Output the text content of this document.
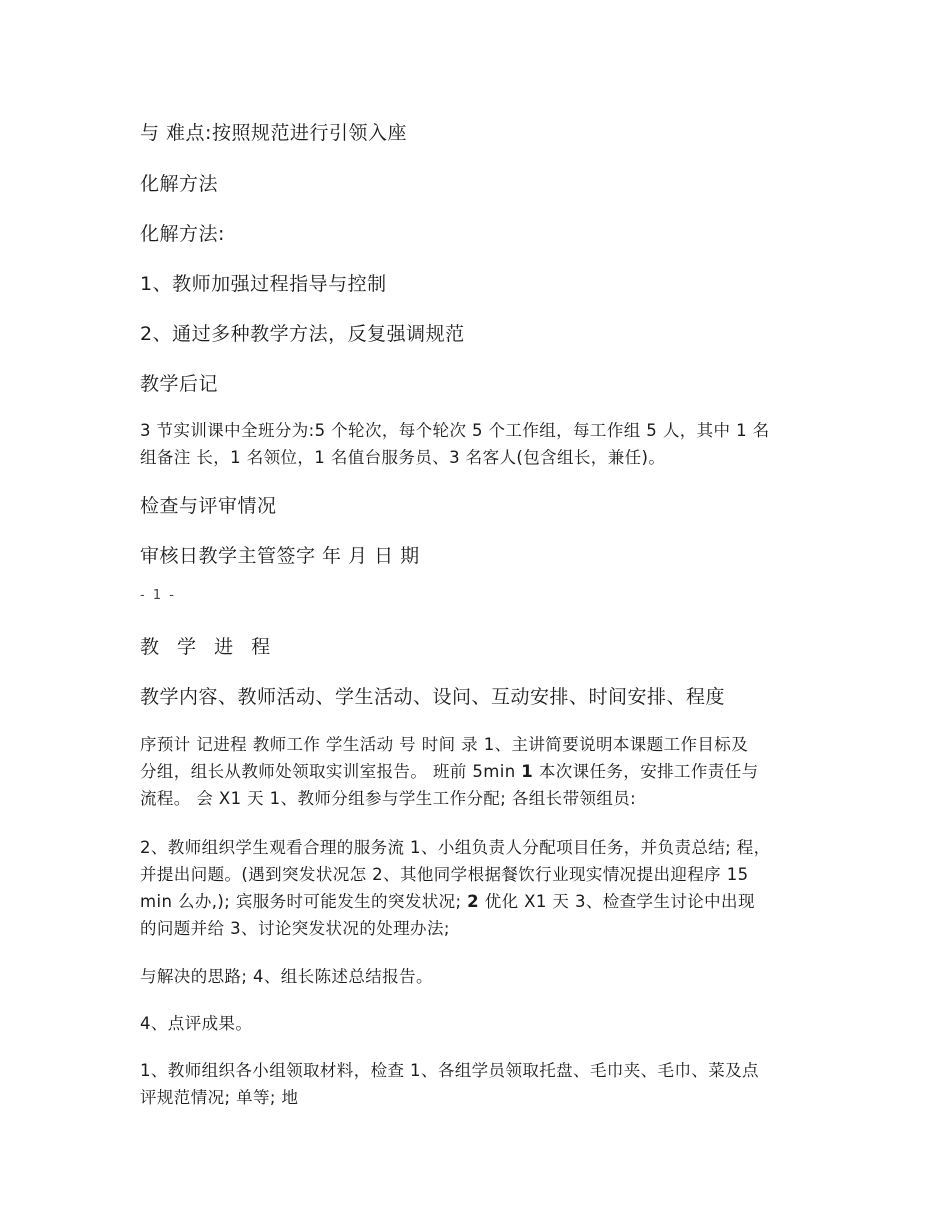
与 难点:按照规范进行引领入座

化解方法

化解方法:

1、教师加强过程指导与控制

2、通过多种教学方法，反复强调规范

教学后记

3 节实训课中全班分为:5 个轮次，每个轮次 5 个工作组，每工作组 5 人，其中 1 名

组备注 长，1 名领位，1 名值台服务员、3 名客人(包含组长，兼任)。

检查与评审情况

审核日教学主管签字 年 月 日 期

- 1 -

教 学 进 程

教学内容、教师活动、学生活动、设问、互动安排、时间安排、程度

序预计 记进程 教师工作 学生活动 号 时间 录 1、主讲简要说明本课题工作目标及

分组，组长从教师处领取实训室报告。 班前 5min 1 本次课任务，安排工作责任与

流程。 会 X1 天 1、教师分组参与学生工作分配; 各组长带领组员:

2、教师组织学生观看合理的服务流 1、小组负责人分配项目任务，并负责总结; 程，

并提出问题。(遇到突发状况怎 2、其他同学根据餐饮行业现实情况提出迎程序 15

min 么办,); 宾服务时可能发生的突发状况; 2 优化 X1 天 3、检查学生讨论中出现

的问题并给 3、讨论突发状况的处理办法;

与解决的思路; 4、组长陈述总结报告。

4、点评成果。

1、教师组织各小组领取材料，检查 1、各组学员领取托盘、毛巾夹、毛巾、菜及点

评规范情况; 单等; 地
